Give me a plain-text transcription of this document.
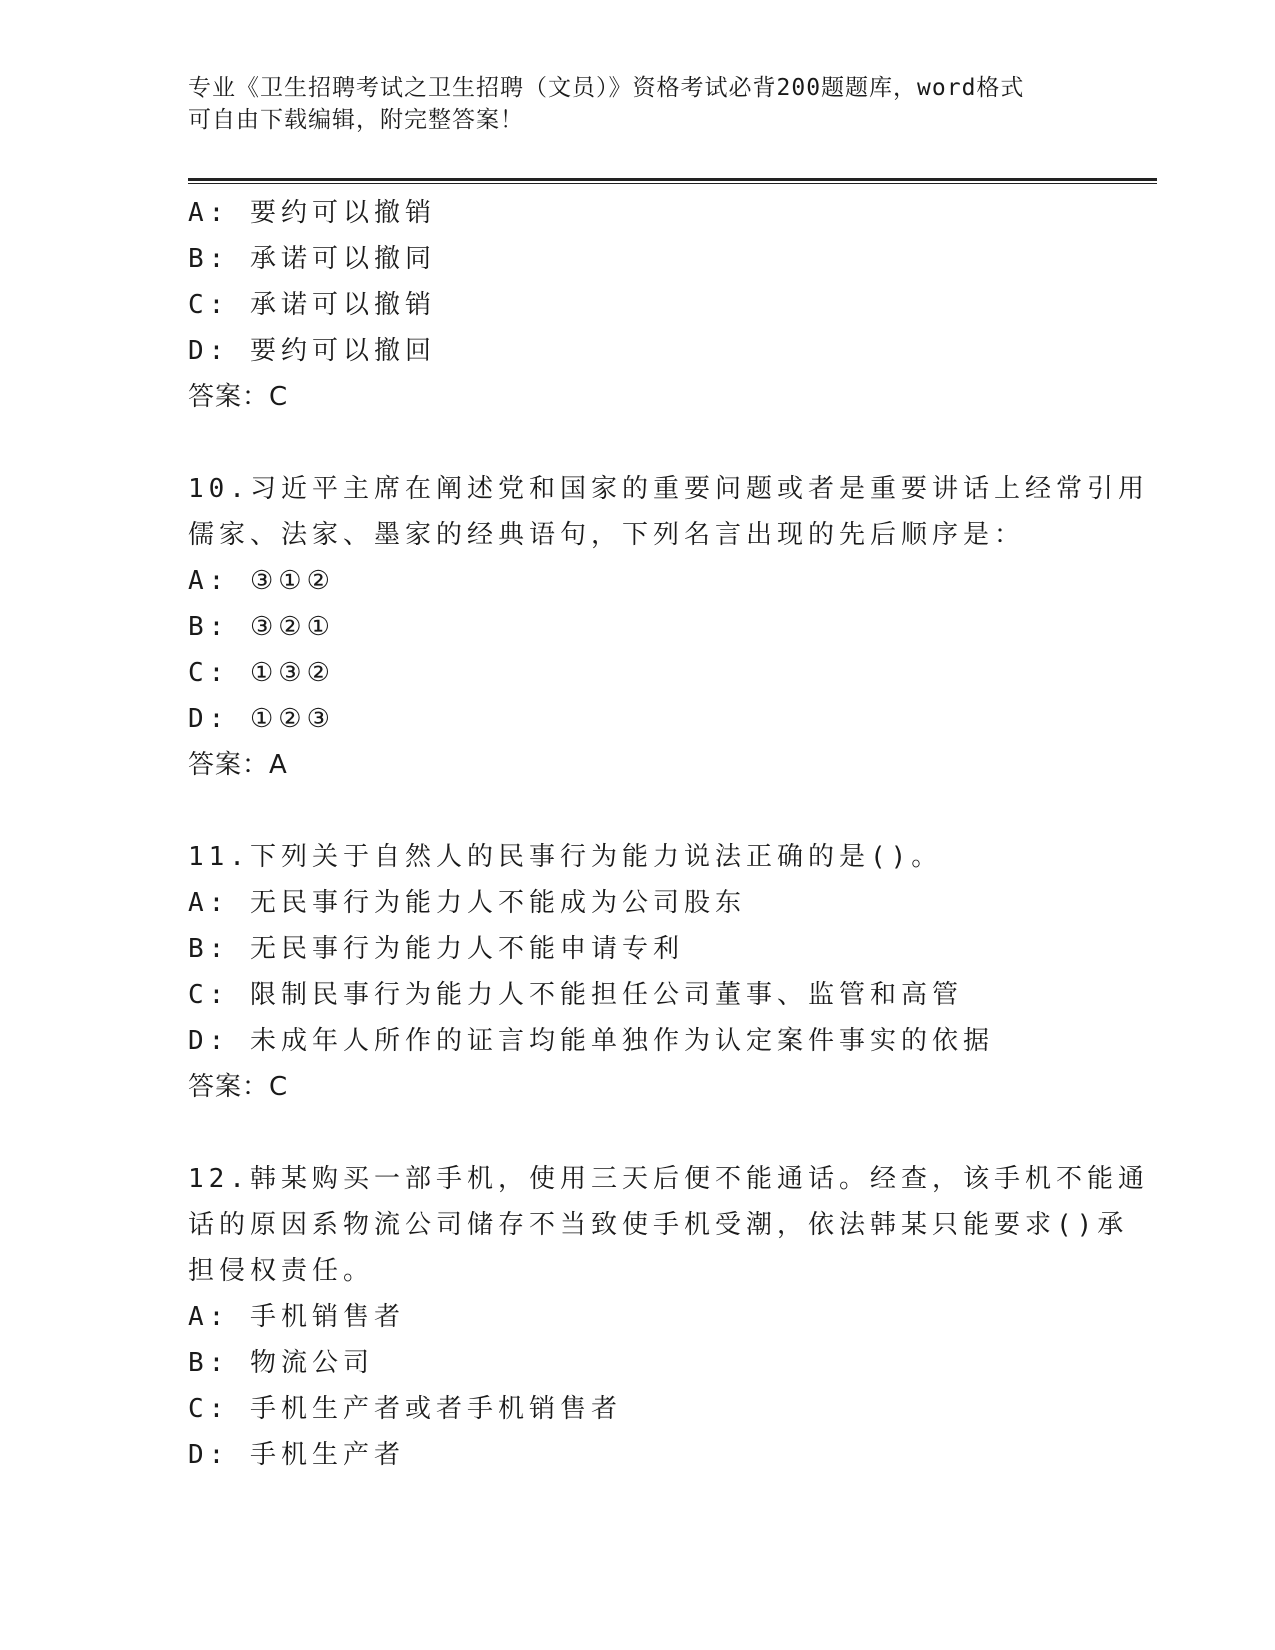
专业《卫生招聘考试之卫生招聘（文员）》资格考试必背200题题库，word格式
可自由下载编辑，附完整答案！
A: 要约可以撤销
B: 承诺可以撤同
C: 承诺可以撤销
D: 要约可以撤回
答案：C
10.习近平主席在阐述党和国家的重要问题或者是重要讲话上经常引用
儒家、法家、墨家的经典语句，下列名言出现的先后顺序是：
A: ③①②
B: ③②①
C: ①③②
D: ①②③
答案：A
11.下列关于自然人的民事行为能力说法正确的是()。
A: 无民事行为能力人不能成为公司股东
B: 无民事行为能力人不能申请专利
C: 限制民事行为能力人不能担任公司董事、监管和高管
D: 未成年人所作的证言均能单独作为认定案件事实的依据
答案：C
12.韩某购买一部手机，使用三天后便不能通话。经查，该手机不能通
话的原因系物流公司储存不当致使手机受潮，依法韩某只能要求()承
担侵权责任。
A: 手机销售者
B: 物流公司
C: 手机生产者或者手机销售者
D: 手机生产者
